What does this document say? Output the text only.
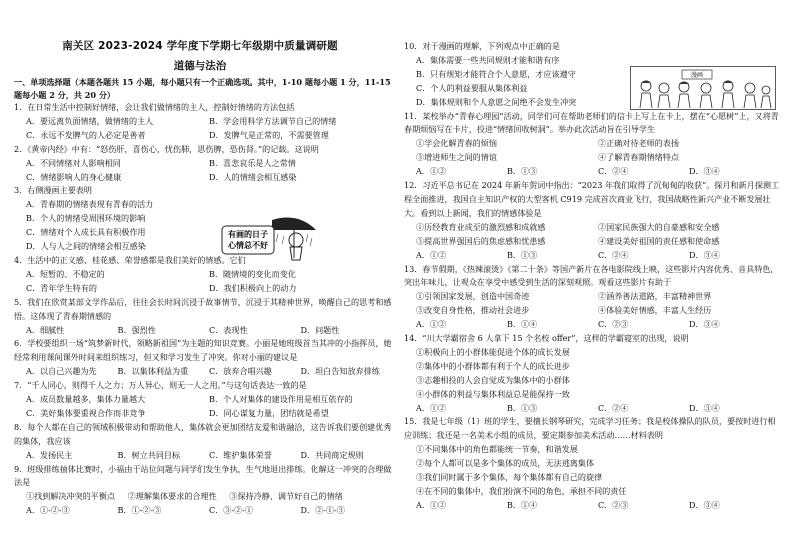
南关区 2023-2024 学年度下学期七年级期中质量调研题
道德与法治
一、单项选择题（本题各题共 15 小题，每小题只有一个正确选项。其中，1-10 题每小题 1 分，11-15 题每小题 2 分，共 20 分）
1．在日常生活中控制好情绪，会让我们做情绪的主人，控制好情绪的方法包括
A．要远离负面情绪，做情绪的主人	B．学会用科学方法调节自己的情绪
C．永远不发脾气的人必定是善者	D．发脾气是正常的，不需要管理
2．《黄帝内经》中有：“怒伤肝，喜伤心，忧伤肺，思伤脾，恐伤肾。”的记载。这说明
A．不同情绪对人影响相同	B．喜悲哀乐是人之常情
C．情绪影响人的身心健康	D．人的情绪会相互感染
3．右侧漫画主要表明
A．青春期的情绪表现有青春的活力
B．个人的情绪受周围环境的影响
C．情绪对个人成长具有积极作用
D．人与人之间的情绪会相互感染
4．生活中的正义感、桂花感、荣誉感都是我们美好的情感。它们
A．短暂的、不稳定的	B．随情境的变化而变化
C．青年学生特有的	D．我们积极向上的动力
5．我们在欣赏某部文学作品后，往往会长时间沉浸于故事情节，沉浸于其精神世界，唤醒自己的思考和感悟。这体现了青春期情感的
A．细腻性	B．强烈性	C．表现性	D．问题性
6．学校要组织一场“筑梦新时代，领略新祖国”为主题的知识竞赛。小丽是她班级首当其冲的小指挥员，她经常利用课间课外时间来组织练习，但又和学习发生了冲突。你对小丽的建议是
A．以自己兴趣为先	B．以集体利益为重	C．放弃合唱兴趣	D．坦白告知放弃排练
7．“千人同心，则得千人之力；万人异心，则无一人之用。”与这句话表达一致的是
A．成员数量越多，集体力量越大	B．个人对集体的建设作用是相互依存的
C．美好集体要重视合作而非竞争	D．同心谋复力量，团结就是希望
8．每个人都在自己的领域积极带动和帮助他人，集体就会更加团结友爱和谐融洽，这告诉我们要创建优秀的集体，我应该
A．发扬民主	B．树立共同目标	C．维护集体荣誉	D．共同商定规则
9．班级排练抽体比赛时，小福由于站位问题与同学们发生争执，生气地退出排练。化解这一冲突的合理做法是
①找到解决冲突的平衡点	②理解集体要求的合理性	③保持冷静，调节好自己的情绪
A．①-②-③	B．①-②-③	C．③-②-①	D．②-①-③
有画的日子
心情总不好
10．对于漫画的理解，下列观点中正确的是
A．集体需要一些共同规则才能和谐有序
B．只有规矩才能符合个人意愿，才应该遵守
C．个人的利益要服从集体利益
D．集体规则和个人意愿之间绝不会发生冲突
11．某校举办“青春心理园”活动，同学们可在帮助老师们的信卡上写上在卡上，摆在“心愿树”上，又将青春期烦恼写在卡片，投进“情绪回收树洞”。举办此次活动旨在引导学生
①学会化解青春的烦恼	②正确对待老师的表扬
③增进师生之间的情谊	④了解青春期情绪特点
A．①②	B．①③	C．②④	D．③④
12．习近平总书记在 2024 年新年贺词中指出：“2023 年我们取得了沉甸甸的收获”。探月和新月探测工程全面推进，我国自主知识产权的大型客机 C919 完成首次商业飞行，我国战略性新兴产业不断发展壮大。看到以上新闻，我们的情感体验是
①历经教育业成至的激烈感和成就感	②国家民族强大的自豪感和安全感
③提高世界强国后的焦虑感和忧患感	④建设美好祖国的责任感和使命感
A．①②	B．①③	C．②④	D．③④
13．春节假期，《热辣滚烫》《第二十条》等国产新片在各电影院线上映，这些影片内容优秀、音具特色，突出年味儿，让观众在享受中感受到生活的深刻观照。观看这些影片有助于
①引领国家发展，创造中国奇迹	②涵养善法道路，丰富精神世界
③改变自身性格，推动社会进步	④体验美好情感，丰富人生经历
A．①②	B．①④	C．②③	D．③④
14．“川大学霸宿舍 6 人拿下 15 个名校 offer”，这样的学霸寝室的出现，说明
①积极向上的小群体能促进个体的成长发展
②集体中的小群体都有利于个人的成长进步
③志趣相投的人会自觉成为集体中的小群体
④小群体的利益与集体利益总是能保持一致
A．①②	B．①③	C．②④	D．③④
15．我是七年级（1）班的学生，要擅长钢琴研究，完成学习任务；我是校体操队的队员，要按时进行相应训练；我还是一名美术小组的成员，要定期参加美术活动……材料表明
①不同集体中的角色都能统一节奏，和谐发展
②每个人都可以是多个集体的成员，无法逃离集体
③我们同时属于多个集体，每个集体都有自己的旋律
④在不同的集体中，我们扮演不同的角色，承担不同的责任
A．①②	B．①④	C．②③	D．③④
漫画
